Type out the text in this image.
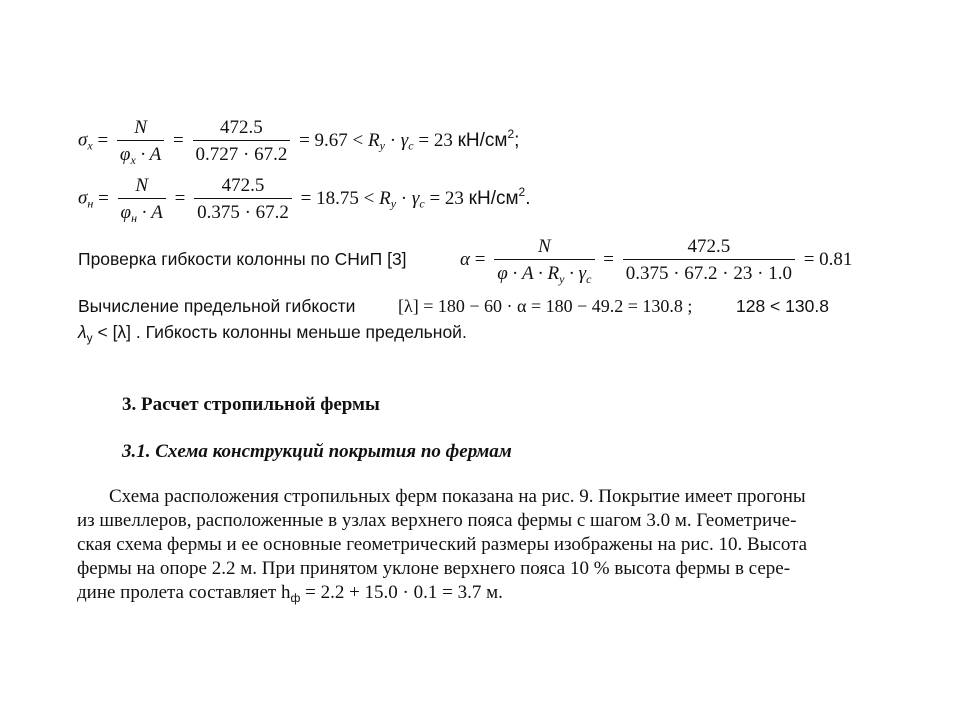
$\sigma_x = \frac{N}{\varphi_x \cdot A} = \frac{472.5}{0.727 \cdot 67.2} = 9.67 < R_y \cdot \gamma_c = 23$ $кН/см^2$;
$\sigma_н = \frac{N}{\varphi_н \cdot A} = \frac{472.5}{0.375 \cdot 67.2} = 18.75 < R_y \cdot \gamma_c = 23$ $кН/см^2$.
Проверка гибкости колонны по СНиП [3]	$\alpha = \frac{N}{\varphi \cdot A \cdot R_y \cdot \gamma_c} = \frac{472.5}{0.375 \cdot 67.2 \cdot 23 \cdot 1.0} = 0.81$
Вычисление предельной гибкости [λ] = 180 − 60 · α = 180 − 49.2 = 130.8 ; 128 < 130.8
$\lambda_y < [\lambda]$ . Гибкость колонны меньше предельной.
3. Расчет стропильной фермы
3.1. Схема конструкций покрытия по фермам
Схема расположения стропильных ферм показана на рис. 9. Покрытие имеет прогоны
из швеллеров, расположенные в узлах верхнего пояса фермы с шагом 3.0 м. Геометриче-
ская схема фермы и ее основные геометрический размеры изображены на рис. 10. Высота
фермы на опоре 2.2 м. При принятом уклоне верхнего пояса 10 % высота фермы в сере-
дине пролета составляет $h_ф = 2.2 + 15.0 \cdot 0.1 = 3.7$ м.
